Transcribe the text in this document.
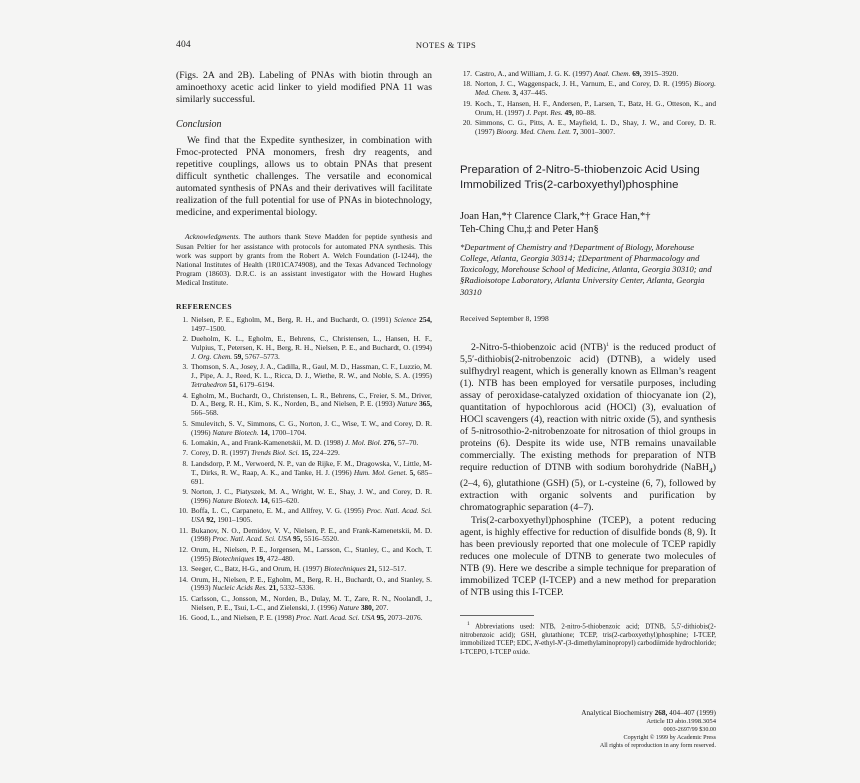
404	NOTES & TIPS

(Figs. 2A and 2B). Labeling of PNAs with biotin through an aminoethoxy acetic acid linker to yield modified PNA 11 was similarly successful.

Conclusion

We find that the Expedite synthesizer, in combination with Fmoc-protected PNA monomers, fresh dry reagents, and repetitive couplings, allows us to obtain PNAs that present difficult synthetic challenges. The versatile and economical automated synthesis of PNAs and their derivatives will facilitate realization of the full potential for use of PNAs in biotechnology, medicine, and experimental biology.

Acknowledgments. The authors thank Steve Madden for peptide synthesis and Susan Peltier for her assistance with protocols for automated PNA synthesis. This work was support by grants from the Robert A. Welch Foundation (I-1244), the National Institutes of Health (1R01CA74908), and the Texas Advanced Technology Program (18603). D.R.C. is an assistant investigator with the Howard Hughes Medical Institute.
REFERENCES
Nielsen, P. E., Egholm, M., Berg, R. H., and Buchardt, O. (1991) Science 254, 1497–1500.
Dueholm, K. L., Egholm, E., Behrens, C., Christensen, L., Hansen, H. F., Vulpius, T., Petersen, K. H., Berg, R. H., Nielsen, P. E., and Buchardt, O. (1994) J. Org. Chem. 59, 5767–5773.
Thomson, S. A., Josey, J. A., Cadilla, R., Gaul, M. D., Hassman, C. F., Luzzio, M. J., Pipe, A. J., Reed, K. L., Ricca, D. J., Wiethe, R. W., and Noble, S. A. (1995) Tetrahedron 51, 6179–6194.
Egholm, M., Buchardt, O., Christensen, L. R., Behrens, C., Freier, S. M., Driver, D. A., Berg, R. H., Kim, S. K., Norden, B., and Nielsen, P. E. (1993) Nature 365, 566–568.
Smulevitch, S. V., Simmons, C. G., Norton, J. C., Wise, T. W., and Corey, D. R. (1996) Nature Biotech. 14, 1700–1704.
Lomakin, A., and Frank-Kamenetskii, M. D. (1998) J. Mol. Biol. 276, 57–70.
Corey, D. R. (1997) Trends Biol. Sci. 15, 224–229.
Landsdorp, P. M., Verwoerd, N. P., van de Rijke, F. M., Dragowska, V., Little, M-T., Dirks, R. W., Raap, A. K., and Tanke, H. J. (1996) Hum. Mol. Genet. 5, 685–691.
Norton, J. C., Piatyszek, M. A., Wright, W. E., Shay, J. W., and Corey, D. R. (1996) Nature Biotech. 14, 615–620.
Boffa, L. C., Carpaneto, E. M., and Allfrey, V. G. (1995) Proc. Natl. Acad. Sci. USA 92, 1901–1905.
Bukanov, N. O., Demidov, V. V., Nielsen, P. E., and Frank-Kamenetskii, M. D. (1998) Proc. Natl. Acad. Sci. USA 95, 5516–5520.
Orum, H., Nielsen, P. E., Jorgensen, M., Larsson, C., Stanley, C., and Koch, T. (1995) Biotechniques 19, 472–480.
Seeger, C., Batz, H-G., and Orum, H. (1997) Biotechniques 21, 512–517.
Orum, H., Nielsen, P. E., Egholm, M., Berg, R. H., Buchardt, O., and Stanley, S. (1993) Nucleic Acids Res. 21, 5332–5336.
Carlsson, C., Jonsson, M., Norden, B., Dulay, M. T., Zare, R. N., Noolandl, J., Nielsen, P. E., Tsui, L-C., and Zielenski, J. (1996) Nature 380, 207.
Good, L., and Nielsen, P. E. (1998) Proc. Natl. Acad. Sci. USA 95, 2073–2076.
Castro, A., and William, J. G. K. (1997) Anal. Chem. 69, 3915–3920.
Norton, J. C., Waggenspack, J. H., Varnum, E., and Corey, D. R. (1995) Bioorg. Med. Chem. 3, 437–445.
Koch., T., Hansen, H. F., Andersen, P., Larsen, T., Batz, H. G., Otteson, K., and Orum, H. (1997) J. Pept. Res. 49, 80–88.
Simmons, C. G., Pitts, A. E., Mayfield, L. D., Shay, J. W., and Corey, D. R. (1997) Bioorg. Med. Chem. Lett. 7, 3001–3007.
Preparation of 2-Nitro-5-thiobenzoic Acid Using Immobilized Tris(2-carboxyethyl)phosphine
Joan Han,*† Clarence Clark,*† Grace Han,*†
Teh-Ching Chu,‡ and Peter Han§
*Department of Chemistry and †Department of Biology, Morehouse College, Atlanta, Georgia 30314; ‡Department of Pharmacology and Toxicology, Morehouse School of Medicine, Atlanta, Georgia 30310; and §Radioisotope Laboratory, Atlanta University Center, Atlanta, Georgia 30310
Received September 8, 1998

2-Nitro-5-thiobenzoic acid (NTB)$^1$ is the reduced product of 5,5′-dithiobis(2-nitrobenzoic acid) (DTNB), a widely used sulfhydryl reagent, which is generally known as Ellman’s reagent (1). NTB has been employed for versatile purposes, including assay of peroxidase-catalyzed oxidation of thiocyanate ion (2), quantitation of hypochlorous acid (HOCl) (3), evaluation of HOCl scavengers (4), reaction with nitric oxide (5), and synthesis of 5-nitrosothio-2-nitrobenzoate for nitrosation of thiol groups in proteins (6). Despite its wide use, NTB remains unavailable commercially. The existing methods for preparation of NTB require reduction of DTNB with sodium borohydride (NaBH$_4$) (2–4, 6), glutathione (GSH) (5), or L-cysteine (6, 7), followed by extraction with organic solvents and purification by chromatographic separation (4–7).

Tris(2-carboxyethyl)phosphine (TCEP), a potent reducing agent, is highly effective for reduction of disulfide bonds (8, 9). It has been previously reported that one molecule of TCEP rapidly reduces one molecule of DTNB to generate two molecules of NTB (9). Here we describe a simple technique for preparation of immobilized TCEP (I-TCEP) and a new method for preparation of NTB using this I-TCEP.

$^1$ Abbreviations used: NTB, 2-nitro-5-thiobenzoic acid; DTNB, 5,5′-dithiobis(2-nitrobenzoic acid); GSH, glutathione; TCEP, tris(2-carboxyethyl)phosphine; I-TCEP, immobilized TCEP; EDC, N-ethyl-N′-(3-dimethylaminopropyl) carbodiimide hydrochloride; I-TCEPO, I-TCEP oxide.
Analytical Biochemistry 268, 404–407 (1999)
Article ID abio.1998.3054
0003-2697/99 $30.00
Copyright © 1999 by Academic Press
All rights of reproduction in any form reserved.
